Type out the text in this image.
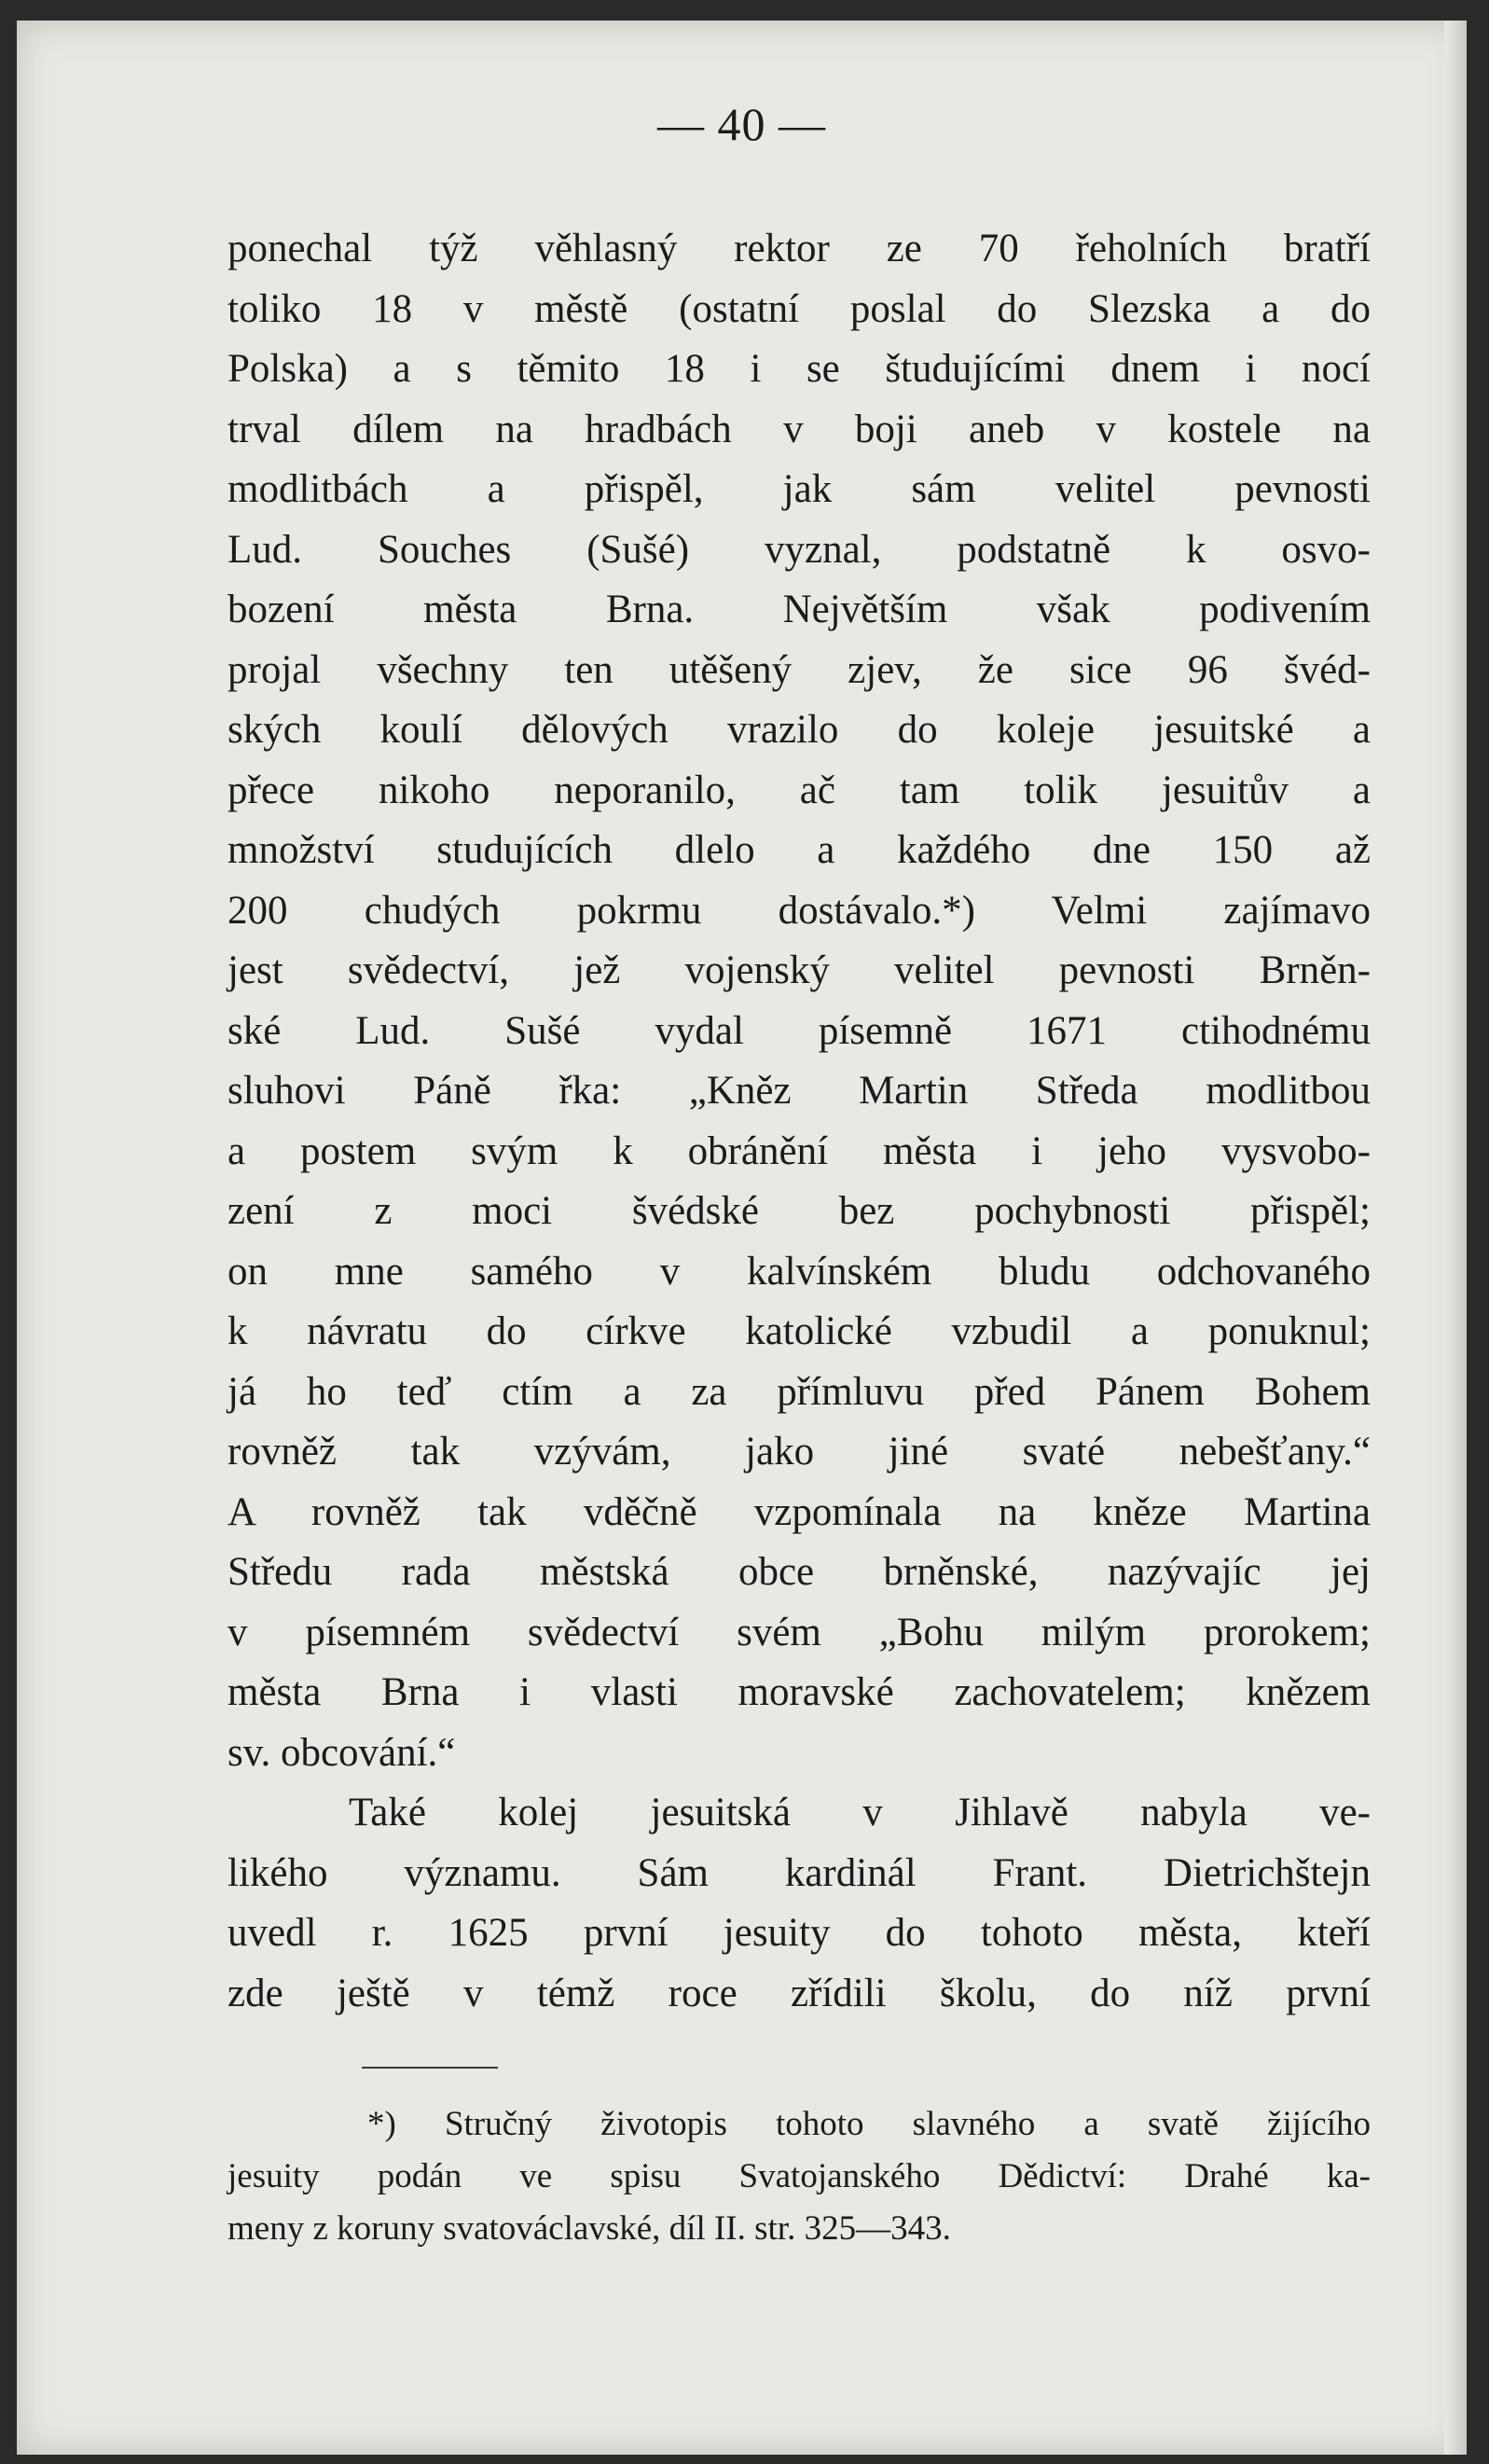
— 40 —
ponechal týž věhlasný rektor ze 70 řeholních bratří
toliko 18 v městě (ostatní poslal do Slezska a do
Polska) a s těmito 18 i se študujícími dnem i nocí
trval dílem na hradbách v boji aneb v kostele na
modlitbách a přispěl, jak sám velitel pevnosti
Lud. Souches (Sušé) vyznal, podstatně k osvo-
bození města Brna. Největším však podivením
projal všechny ten utěšený zjev, že sice 96 švéd-
ských koulí dělových vrazilo do koleje jesuitské a
přece nikoho neporanilo, ač tam tolik jesuitův a
množství studujících dlelo a každého dne 150 až
200 chudých pokrmu dostávalo.*) Velmi zajímavo
jest svědectví, jež vojenský velitel pevnosti Brněn-
ské Lud. Sušé vydal písemně 1671 ctihodnému
sluhovi Páně řka: „Kněz Martin Středa modlitbou
a postem svým k obránění města i jeho vysvobo-
zení z moci švédské bez pochybnosti přispěl;
on mne samého v kalvínském bludu odchovaného
k návratu do církve katolické vzbudil a ponuknul;
já ho teď ctím a za přímluvu před Pánem Bohem
rovněž tak vzývám, jako jiné svaté nebešťany.“
A rovněž tak vděčně vzpomínala na kněze Martina
Středu rada městská obce brněnské, nazývajíc jej
v písemném svědectví svém „Bohu milým prorokem;
města Brna i vlasti moravské zachovatelem; knězem
sv. obcování.“
Také kolej jesuitská v Jihlavě nabyla ve-
likého významu. Sám kardinál Frant. Dietrichštejn
uvedl r. 1625 první jesuity do tohoto města, kteří
zde ještě v témž roce zřídili školu, do níž první
*) Stručný životopis tohoto slavného a svatě žijícího
jesuity podán ve spisu Svatojanského Dědictví: Drahé ka-
meny z koruny svatováclavské, díl II. str. 325—343.
